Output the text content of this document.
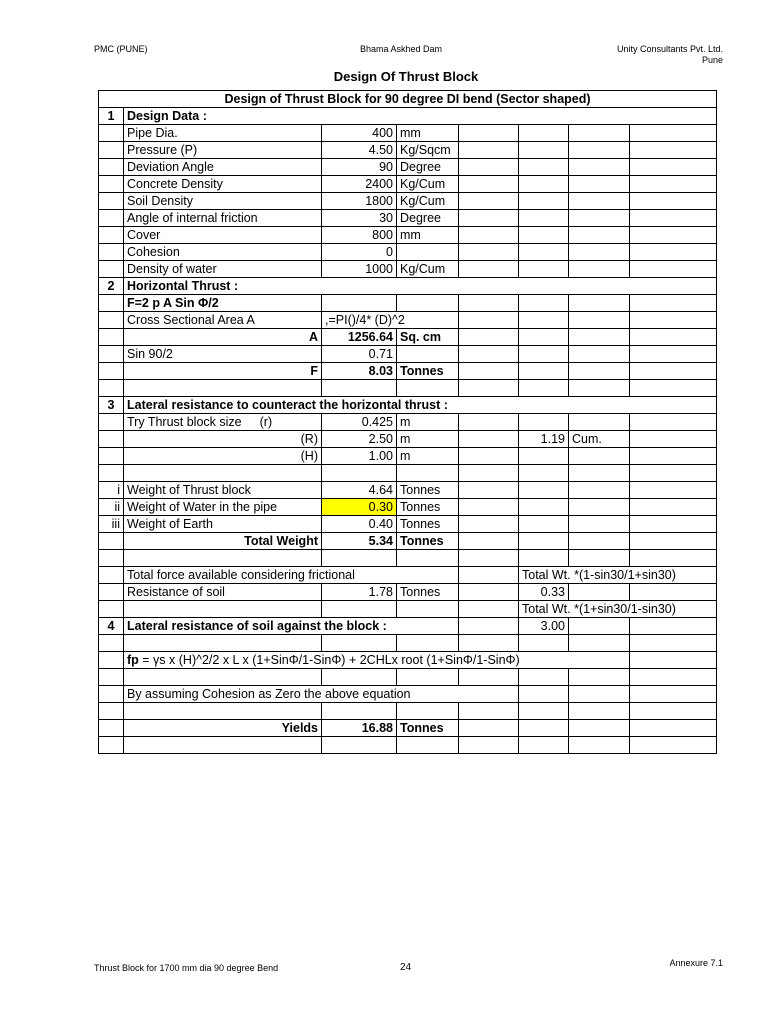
PMC (PUNE)	Bhama Askhed Dam	Unity Consultants Pvt. Ltd.
Pune
Design Of Thrust Block
Design of Thrust Block for 90 degree DI bend (Sector shaped)							
1	Design Data :						
	Pipe Dia.	400	mm				
	Pressure (P)	4.50	Kg/Sqcm				
	Deviation Angle	90	Degree				
	Concrete Density	2400	Kg/Cum				
	Soil Density	1800	Kg/Cum				
	Angle of internal friction	30	Degree				
	Cover	800	mm				
	Cohesion	0					
	Density of water	1000	Kg/Cum				
2	Horizontal Thrust :						
	F=2 p A Sin Φ/2						
	Cross Sectional Area A	,=PI()/4* (D)^2					
	A	1256.64	Sq. cm				
	Sin 90/2	0.71					
	F	8.03	Tonnes				

3	Lateral resistance to counteract the horizontal thrust :						
	Try Thrust block size (r)	0.425	m				
	(R)	2.50	m		1.19	Cum.	
	(H)	1.00	m				

i	Weight of Thrust block	4.64	Tonnes				
ii	Weight of Water in the pipe	0.30	Tonnes				
iii	Weight of Earth	0.40	Tonnes				
	Total Weight	5.34	Tonnes				

	Total force available considering frictional				Total Wt. *(1-sin30/1+sin30)		
	Resistance of soil	1.78	Tonnes		0.33		
					Total Wt. *(1+sin30/1-sin30)		
4	Lateral resistance of soil against the block :				3.00		

	fp = γs x (H)^2/2 x L x (1+SinΦ/1-SinΦ) + 2CHLx root (1+SinΦ/1-SinΦ)						

	By assuming Cohesion as Zero the above equation						

	Yields	16.88	Tonnes				

Thrust Block for 1700 mm dia 90 degree Bend	24	Annexure 7.1
